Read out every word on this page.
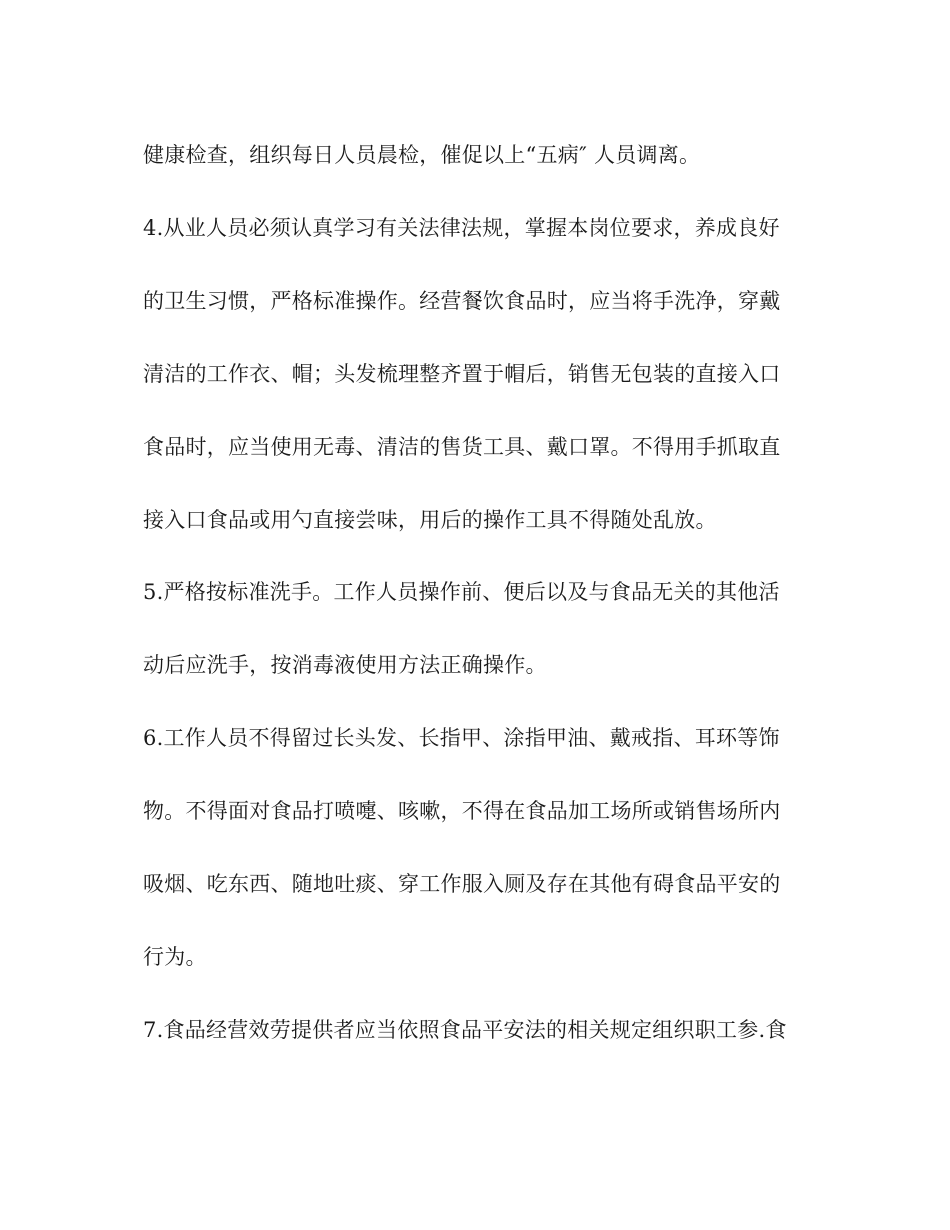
健康检查，组织每日人员晨检，催促以上“五病″ 人员调离。
4.从业人员必须认真学习有关法律法规，掌握本岗位要求，养成良好
的卫生习惯，严格标准操作。经营餐饮食品时，应当将手洗净，穿戴
清洁的工作衣、帽；头发梳理整齐置于帽后，销售无包装的直接入口
食品时，应当使用无毒、清洁的售货工具、戴口罩。不得用手抓取直
接入口食品或用勺直接尝味，用后的操作工具不得随处乱放。
5.严格按标准洗手。工作人员操作前、便后以及与食品无关的其他活
动后应洗手，按消毒液使用方法正确操作。
6.工作人员不得留过长头发、长指甲、涂指甲油、戴戒指、耳环等饰
物。不得面对食品打喷嚏、咳嗽，不得在食品加工场所或销售场所内
吸烟、吃东西、随地吐痰、穿工作服入厕及存在其他有碍食品平安的
行为。
7.食品经营效劳提供者应当依照食品平安法的相关规定组织职工参.食
